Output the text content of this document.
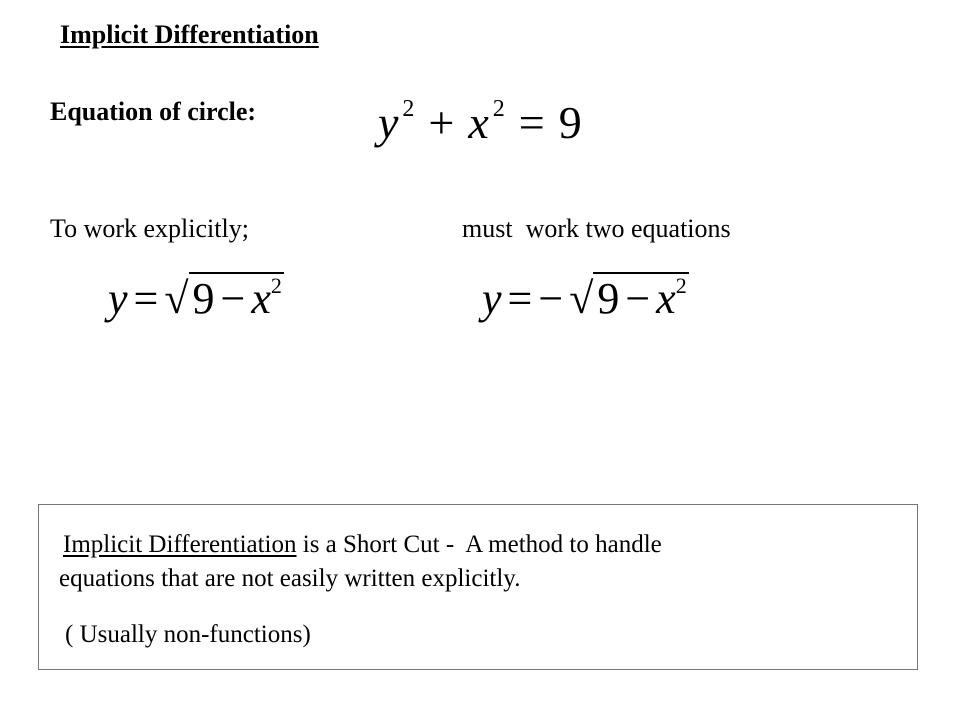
Implicit Differentiation
Equation of circle:	y $^2$ + x $^2$ = 9
To work explicitly;	must  work two equations
$y = √9 - x^2$	y = − $√9 - x^2$
Implicit Differentiation is a Short Cut -  A method to handle
equations that are not easily written explicitly.
( Usually non-functions)
